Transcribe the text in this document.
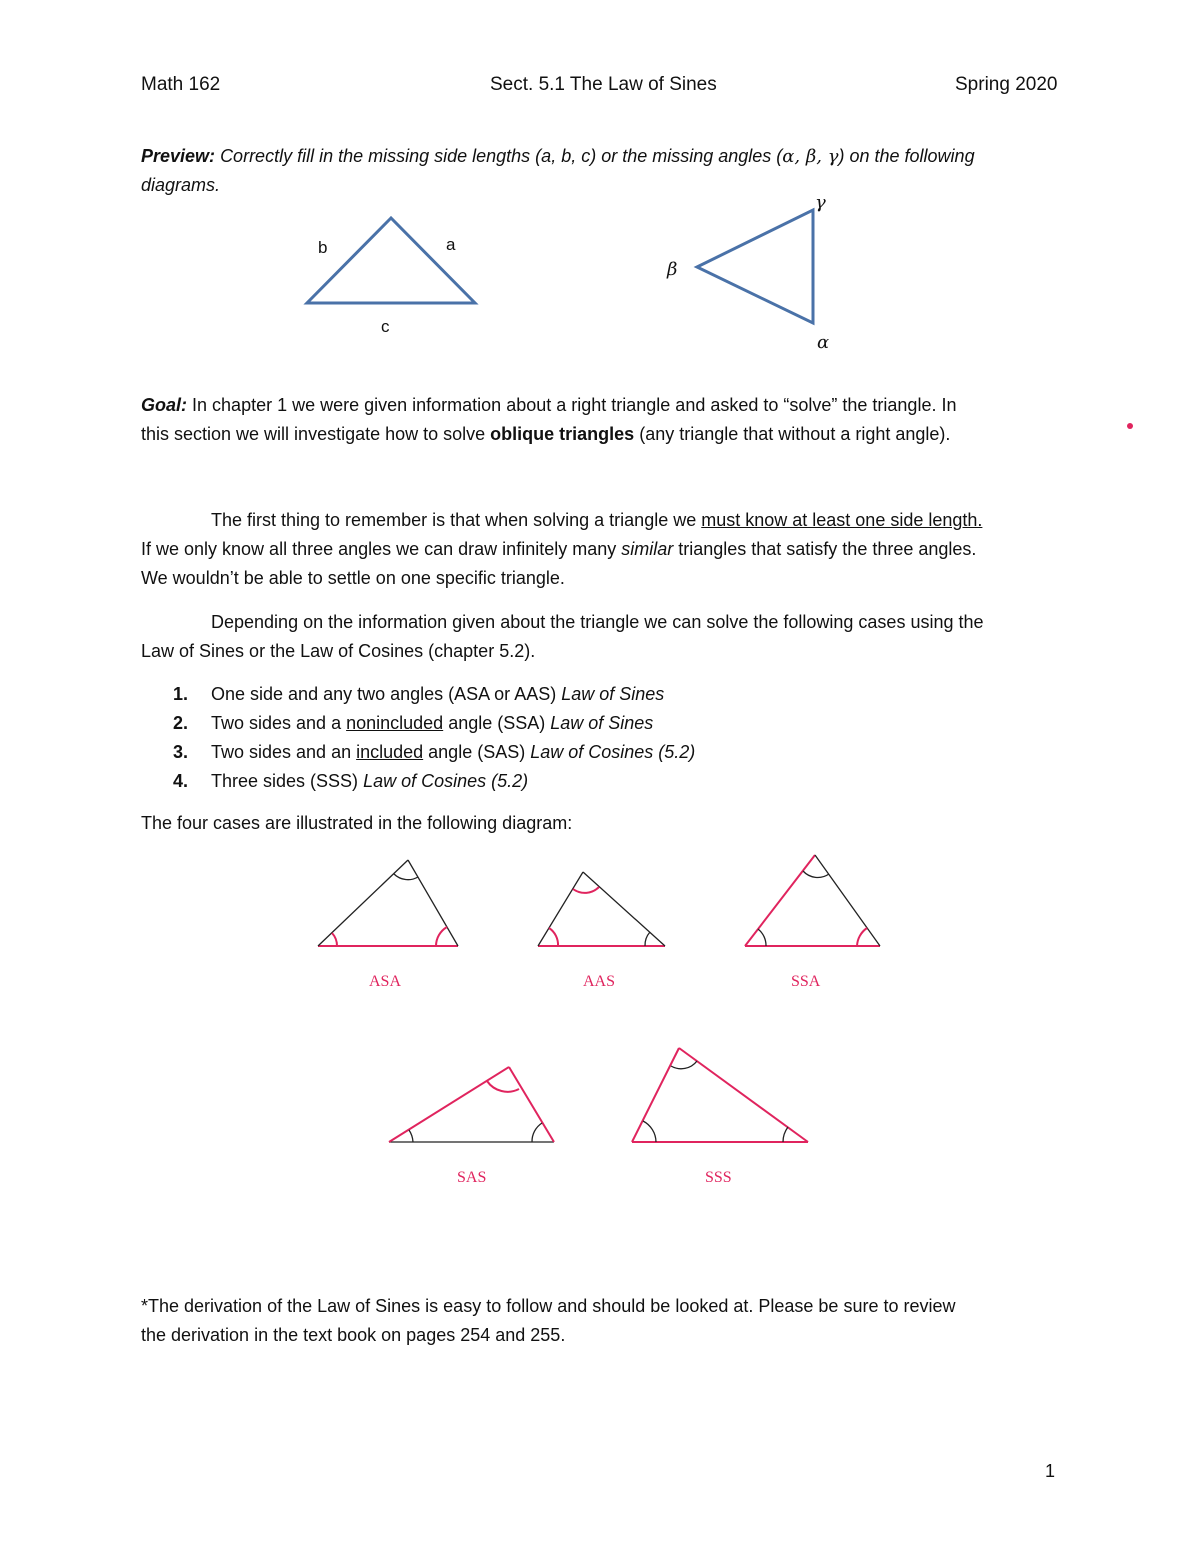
Math 162	Sect. 5.1 The Law of Sines	Spring 2020
Preview: Correctly fill in the missing side lengths (a, b, c) or the missing angles (α, β, γ) on the following
diagrams.
b	a
c
γ
β
α
Goal: In chapter 1 we were given information about a right triangle and asked to “solve” the triangle. In
this section we will investigate how to solve oblique triangles (any triangle that without a right angle).
The first thing to remember is that when solving a triangle we must know at least one side length.
If we only know all three angles we can draw infinitely many similar triangles that satisfy the three angles.
We wouldn’t be able to settle on one specific triangle.
Depending on the information given about the triangle we can solve the following cases using the
Law of Sines or the Law of Cosines (chapter 5.2).
1. One side and any two angles (ASA or AAS) Law of Sines
2. Two sides and a nonincluded angle (SSA) Law of Sines
3. Two sides and an included angle (SAS) Law of Cosines (5.2)
4. Three sides (SSS) Law of Cosines (5.2)
The four cases are illustrated in the following diagram:
ASA	AAS	SSA
SAS	SSS
*The derivation of the Law of Sines is easy to follow and should be looked at. Please be sure to review
the derivation in the text book on pages 254 and 255.
1
